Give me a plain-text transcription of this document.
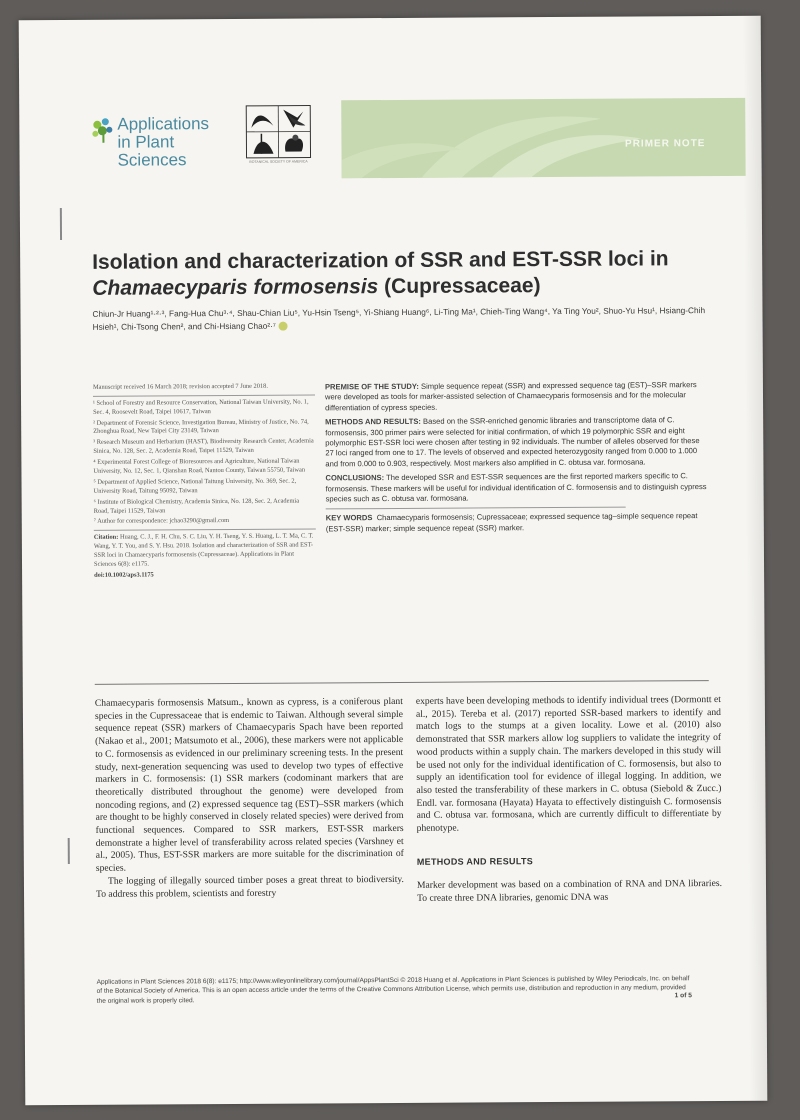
Applications
in Plant Sciences	BOTANICAL SOCIETY OF AMERICA
PRIMER NOTE
Isolation and characterization of SSR and EST-SSR loci in
Chamaecyparis formosensis (Cupressaceae)
Chiun-Jr Huang¹·²·³, Fang-Hua Chu³·⁴, Shau-Chian Liu⁵, Yu-Hsin Tseng⁵, Yi-Shiang Huang⁶, Li-Ting Ma¹, Chieh-Ting Wang⁴, Ya Ting You², Shuo-Yu Hsu¹, Hsiang-Chih Hsieh¹, Chi-Tsong Chen², and Chi-Hsiang Chao²·⁷

Manuscript received 16 March 2018; revision accepted 7 June 2018.

¹ School of Forestry and Resource Conservation, National Taiwan University, No. 1, Sec. 4, Roosevelt Road, Taipei 10617, Taiwan

² Department of Forensic Science, Investigation Bureau, Ministry of Justice, No. 74, Zhonghua Road, New Taipei City 23149, Taiwan

³ Research Museum and Herbarium (HAST), Biodiversity Research Center, Academia Sinica, No. 128, Sec. 2, Academia Road, Taipei 11529, Taiwan

⁴ Experimental Forest College of Bioresources and Agriculture, National Taiwan University, No. 12, Sec. 1, Qianshan Road, Nantou County, Taiwan 55750, Taiwan

⁵ Department of Applied Science, National Taitung University, No. 369, Sec. 2, University Road, Taitung 95092, Taiwan

⁶ Institute of Biological Chemistry, Academia Sinica, No. 128, Sec. 2, Academia Road, Taipei 11529, Taiwan

⁷ Author for correspondence: jchao3290@gmail.com

Citation: Huang, C. J., F. H. Chu, S. C. Liu, Y. H. Tseng, Y. S. Huang, L. T. Ma, C. T. Wang, Y. T. You, and S. Y. Hsu. 2018. Isolation and characterization of SSR and EST-SSR loci in Chamaecyparis formosensis (Cupressaceae). Applications in Plant Sciences 6(8): e1175.

doi:10.1002/aps3.1175

PREMISE OF THE STUDY: Simple sequence repeat (SSR) and expressed sequence tag (EST)–SSR markers were developed as tools for marker-assisted selection of Chamaecyparis formosensis and for the molecular differentiation of cypress species.

METHODS AND RESULTS: Based on the SSR-enriched genomic libraries and transcriptome data of C. formosensis, 300 primer pairs were selected for initial confirmation, of which 19 polymorphic SSR and eight polymorphic EST-SSR loci were chosen after testing in 92 individuals. The number of alleles observed for these 27 loci ranged from one to 17. The levels of observed and expected heterozygosity ranged from 0.000 to 1.000 and from 0.000 to 0.903, respectively. Most markers also amplified in C. obtusa var. formosana.

CONCLUSIONS: The developed SSR and EST-SSR sequences are the first reported markers specific to C. formosensis. These markers will be useful for individual identification of C. formosensis and to distinguish cypress species such as C. obtusa var. formosana.

KEY WORDS Chamaecyparis formosensis; Cupressaceae; expressed sequence tag–simple sequence repeat (EST-SSR) marker; simple sequence repeat (SSR) marker.

Chamaecyparis formosensis Matsum., known as cypress, is a coniferous plant species in the Cupressaceae that is endemic to Taiwan. Although several simple sequence repeat (SSR) markers of Chamaecyparis Spach have been reported (Nakao et al., 2001; Matsumoto et al., 2006), these markers were not applicable to C. formosensis as evidenced in our preliminary screening tests. In the present study, next-generation sequencing was used to develop two types of effective markers in C. formosensis: (1) SSR markers (codominant markers that are theoretically distributed throughout the genome) were developed from noncoding regions, and (2) expressed sequence tag (EST)–SSR markers (which are thought to be highly conserved in closely related species) were derived from functional sequences. Compared to SSR markers, EST-SSR markers demonstrate a higher level of transferability across related species (Varshney et al., 2005). Thus, EST-SSR markers are more suitable for the discrimination of species.

The logging of illegally sourced timber poses a great threat to biodiversity. To address this problem, scientists and forestry

experts have been developing methods to identify individual trees (Dormontt et al., 2015). Tereba et al. (2017) reported SSR-based markers to identify and match logs to the stumps at a given locality. Lowe et al. (2010) also demonstrated that SSR markers allow log suppliers to validate the integrity of wood products within a supply chain. The markers developed in this study will be used not only for the individual identification of C. formosensis, but also to supply an identification tool for evidence of illegal logging. In addition, we also tested the transferability of these markers in C. obtusa (Siebold & Zucc.) Endl. var. formosana (Hayata) Hayata to effectively distinguish C. formosensis and C. obtusa var. formosana, which are currently difficult to differentiate by phenotype.

METHODS AND RESULTS

Marker development was based on a combination of RNA and DNA libraries. To create three DNA libraries, genomic DNA was

Applications in Plant Sciences 2018 6(8): e1175; http://www.wileyonlinelibrary.com/journal/AppsPlantSci © 2018 Huang et al. Applications in Plant Sciences is published by Wiley Periodicals, Inc. on behalf of the Botanical Society of America. This is an open access article under the terms of the Creative Commons Attribution License, which permits use, distribution and reproduction in any medium, provided the original work is properly cited.
1 of 5
